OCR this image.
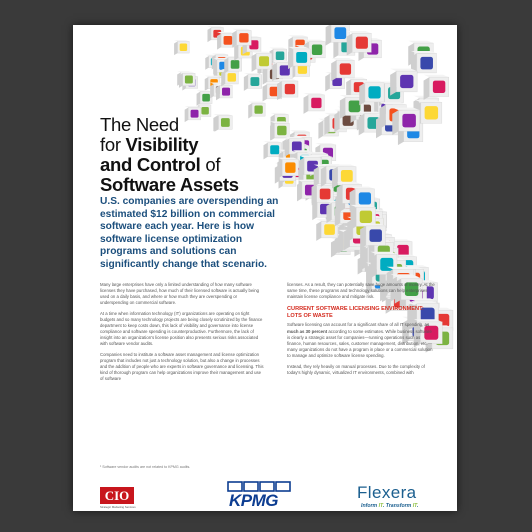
The Need
for Visibility
and Control of
Software Assets
U.S. companies are overspending an estimated $12 billion on commercial software each year. Here is how software license optimization programs and solutions can significantly change that scenario.

Many large enterprises have only a limited understanding of how many software licenses they have purchased, how much of their licensed software is actually being used on a daily basis, and where or how much they are overspending or underspending on commercial software.

At a time when information technology (IT) organizations are operating on tight budgets and so many technology projects are being closely scrutinized by the finance department to keep costs down, this lack of visibility and governance into license compliance and software spending is counterproductive. Furthermore, the lack of insight into an organization's license position also presents serious risks associated with software vendor audits.

Companies need to institute a software asset management and license optimization program that includes not just a technology solution, but also a change in processes and the addition of people who are experts in software governance and licensing. This kind of thorough program can help organizations improve their management and use of software

licenses. As a result, they can potentially save huge amounts of money. At the same time, these programs and technology solutions can help enterprises maintain license compliance and mitigate risk.

CURRENT SOFTWARE LICENSING ENVIRONMENT: LOTS OF WASTE

Software licensing can account for a significant share of all IT spending, as much as 30 percent according to some estimates. While business software is clearly a strategic asset for companies—running operations such as finance, human resources, sales, customer management, distribution, etc.—many organizations do not have a program in place or a commercial solution to manage and optimize software license spending.

Instead, they rely heavily on manual processes. Due to the complexity of today's highly dynamic, virtualized IT environments, combined with

¹ Software vendor audits are not related to KPMG audits.
CIO
Strategic Marketing Services	KPMG	Flexera
Inform IT. Transform IT.
